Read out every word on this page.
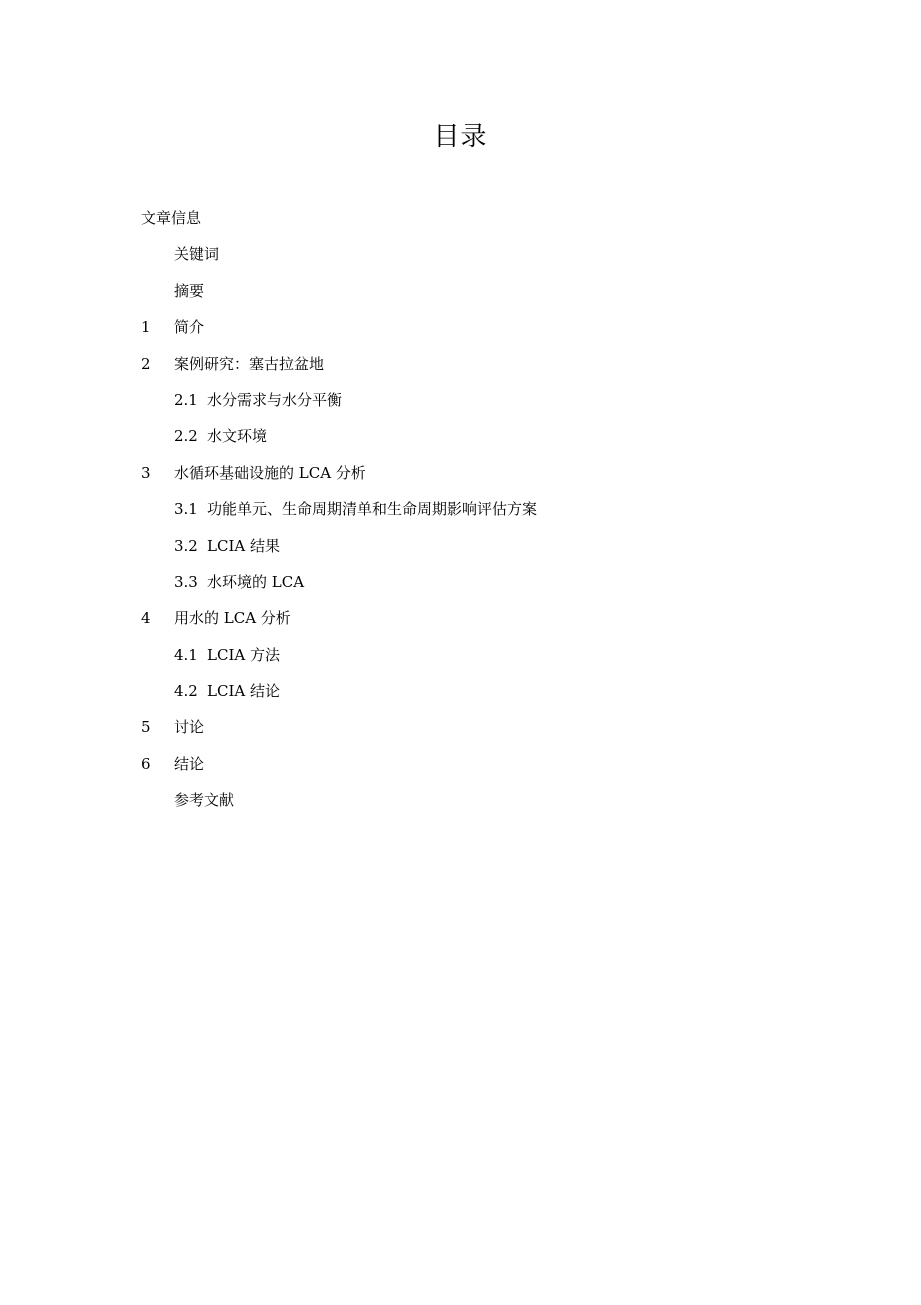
目录
文章信息
关键词
摘要
1	简介
2	案例研究：塞古拉盆地
2.1 水分需求与水分平衡
2.2 水文环境
3	水循环基础设施的 LCA 分析
3.1 功能单元、生命周期清单和生命周期影响评估方案
3.2 LCIA 结果
3.3 水环境的 LCA
4	用水的 LCA 分析
4.1 LCIA 方法
4.2 LCIA 结论
5	讨论
6	结论
参考文献
